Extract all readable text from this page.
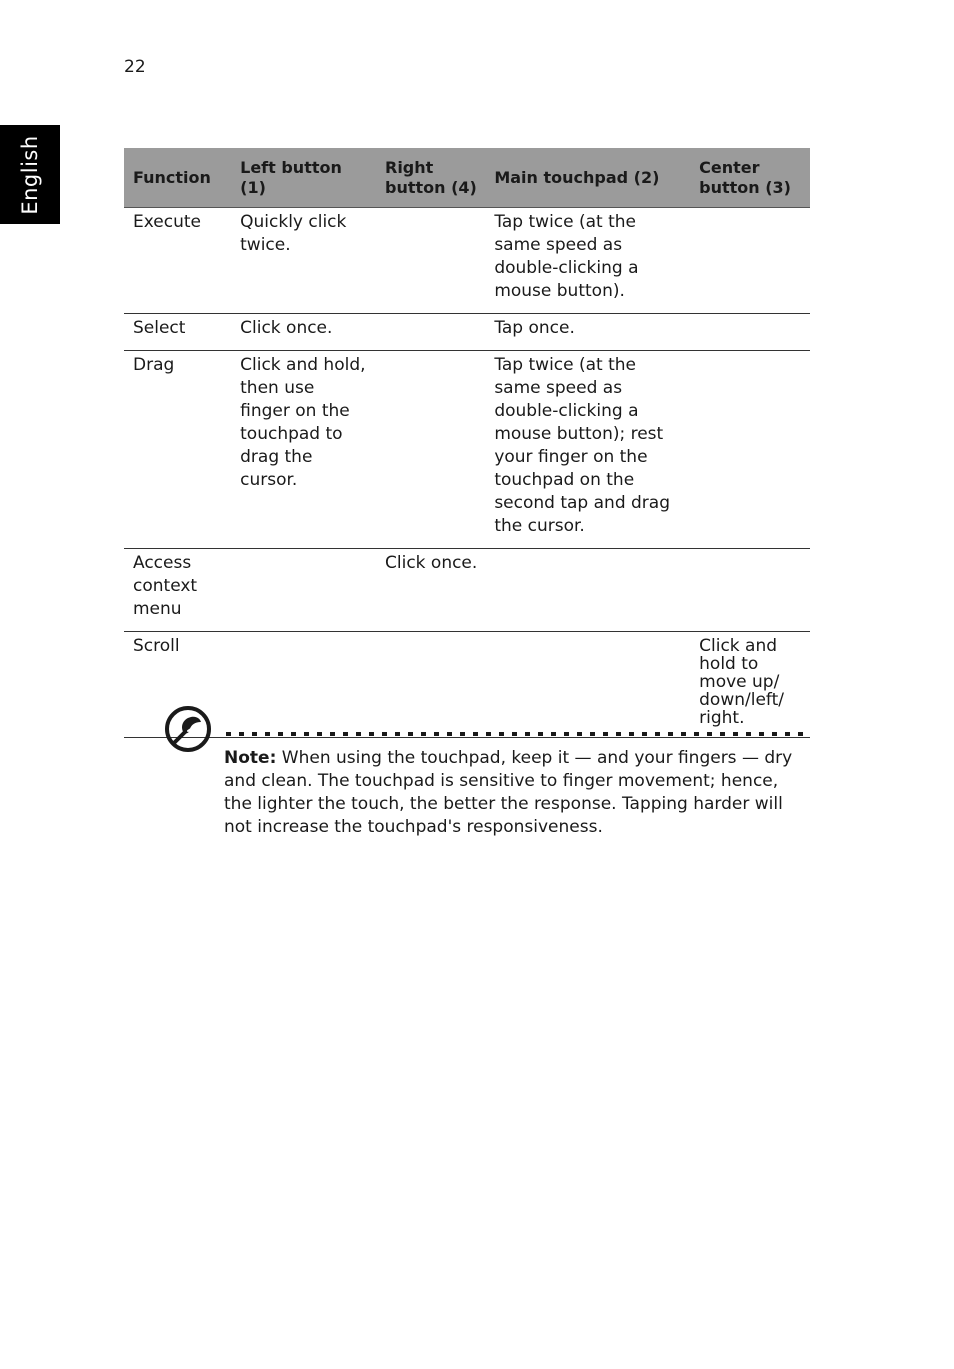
22
English	Function	Left button (1)	Right button (4)	Main touchpad (2)	Center button (3)
Execute	Quickly click twice.		Tap twice (at the same speed as double-clicking a mouse button).	
Select	Click once.		Tap once.	
Drag	Click and hold, then use finger on the touchpad to drag the cursor.		Tap twice (at the same speed as double-clicking a mouse button); rest your finger on the touchpad on the second tap and drag the cursor.	
Access context menu		Click once.		
Scroll				Click and hold to move up/ down/left/ right.
Note: When using the touchpad, keep it — and your fingers — dry and clean. The touchpad is sensitive to finger movement; hence, the lighter the touch, the better the response. Tapping harder will not increase the touchpad's responsiveness.
